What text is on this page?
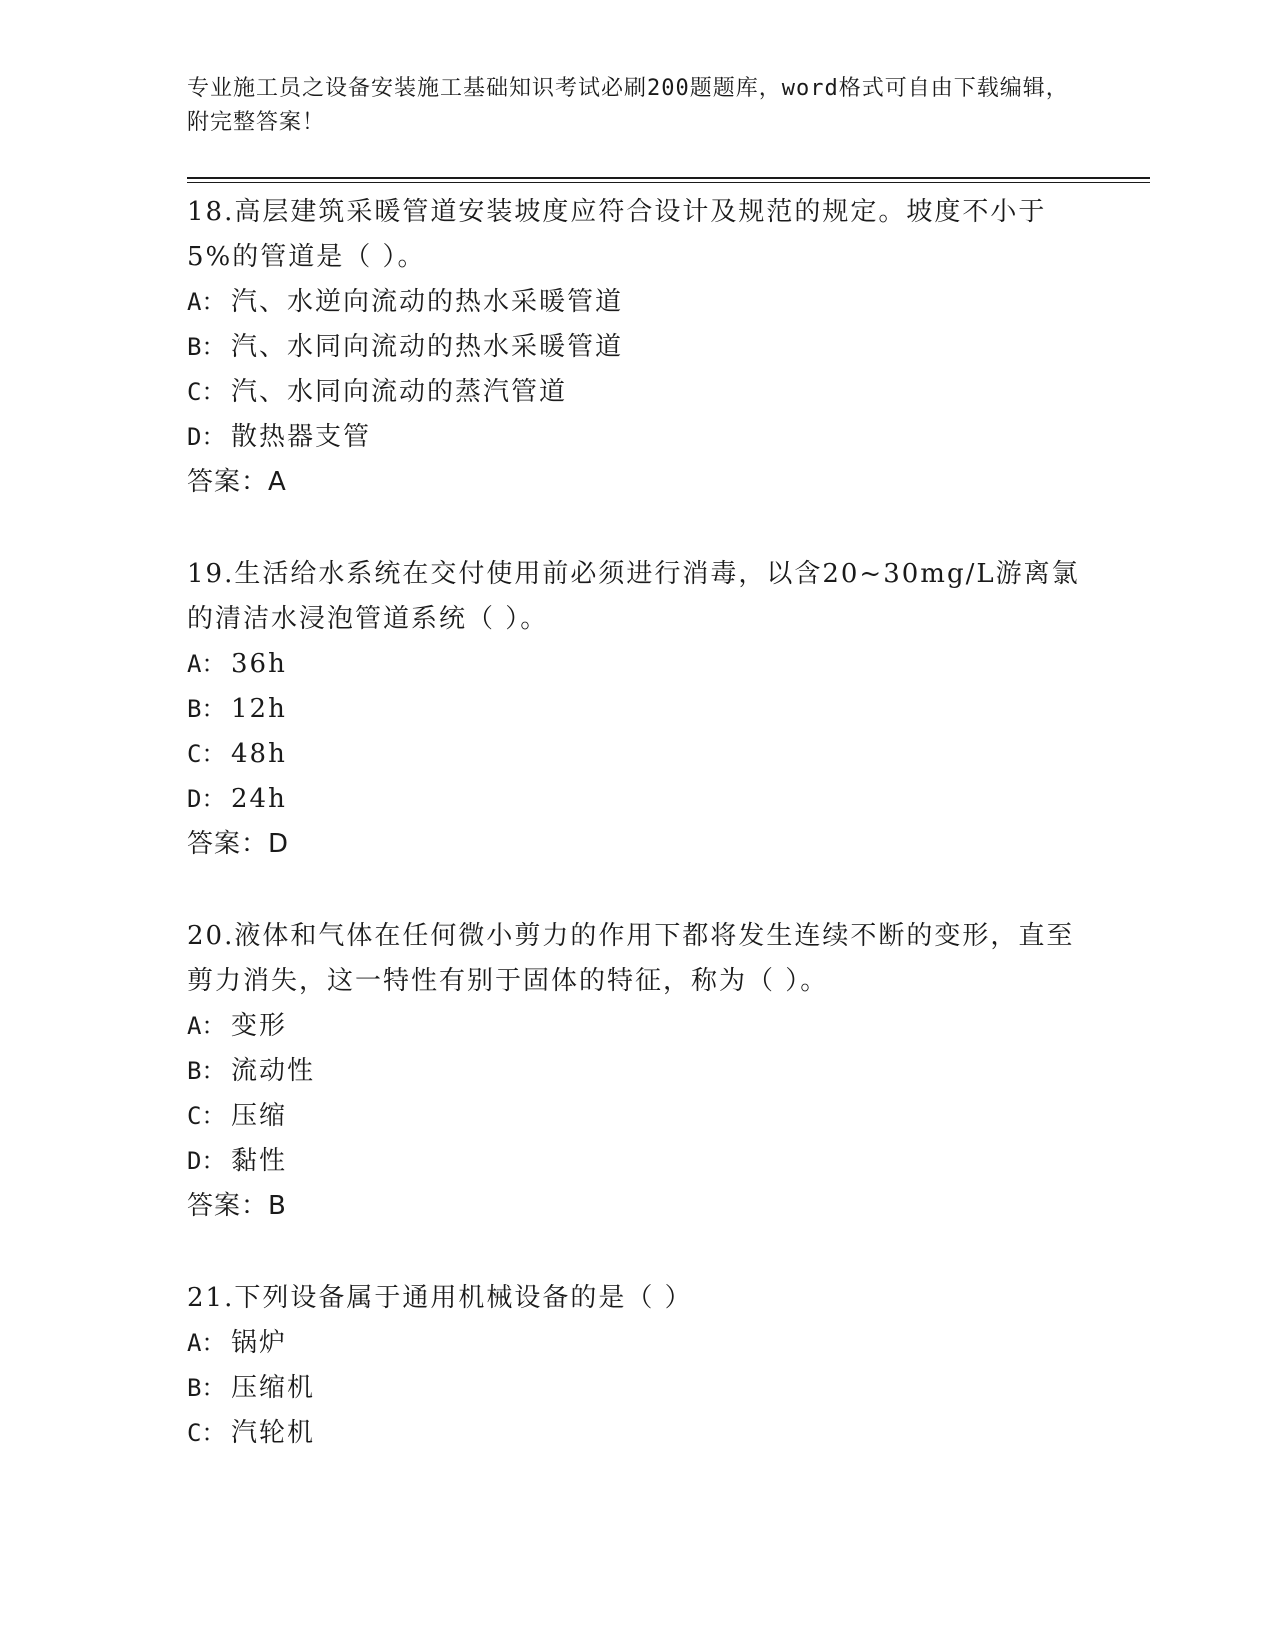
专业施工员之设备安装施工基础知识考试必刷200题题库，word格式可自由下载编辑，附完整答案！
18.高层建筑采暖管道安装坡度应符合设计及规范的规定。坡度不小于5%的管道是（ ）。
A： 汽、水逆向流动的热水采暖管道
B： 汽、水同向流动的热水采暖管道
C： 汽、水同向流动的蒸汽管道
D： 散热器支管
答案：A
19.生活给水系统在交付使用前必须进行消毒，以含20~30mg/L游离氯的清洁水浸泡管道系统（ ）。
A： 36h
B： 12h
C： 48h
D： 24h
答案：D
20.液体和气体在任何微小剪力的作用下都将发生连续不断的变形，直至剪力消失，这一特性有别于固体的特征，称为（ ）。
A： 变形
B： 流动性
C： 压缩
D： 黏性
答案：B
21.下列设备属于通用机械设备的是（ ）
A： 锅炉
B： 压缩机
C： 汽轮机
